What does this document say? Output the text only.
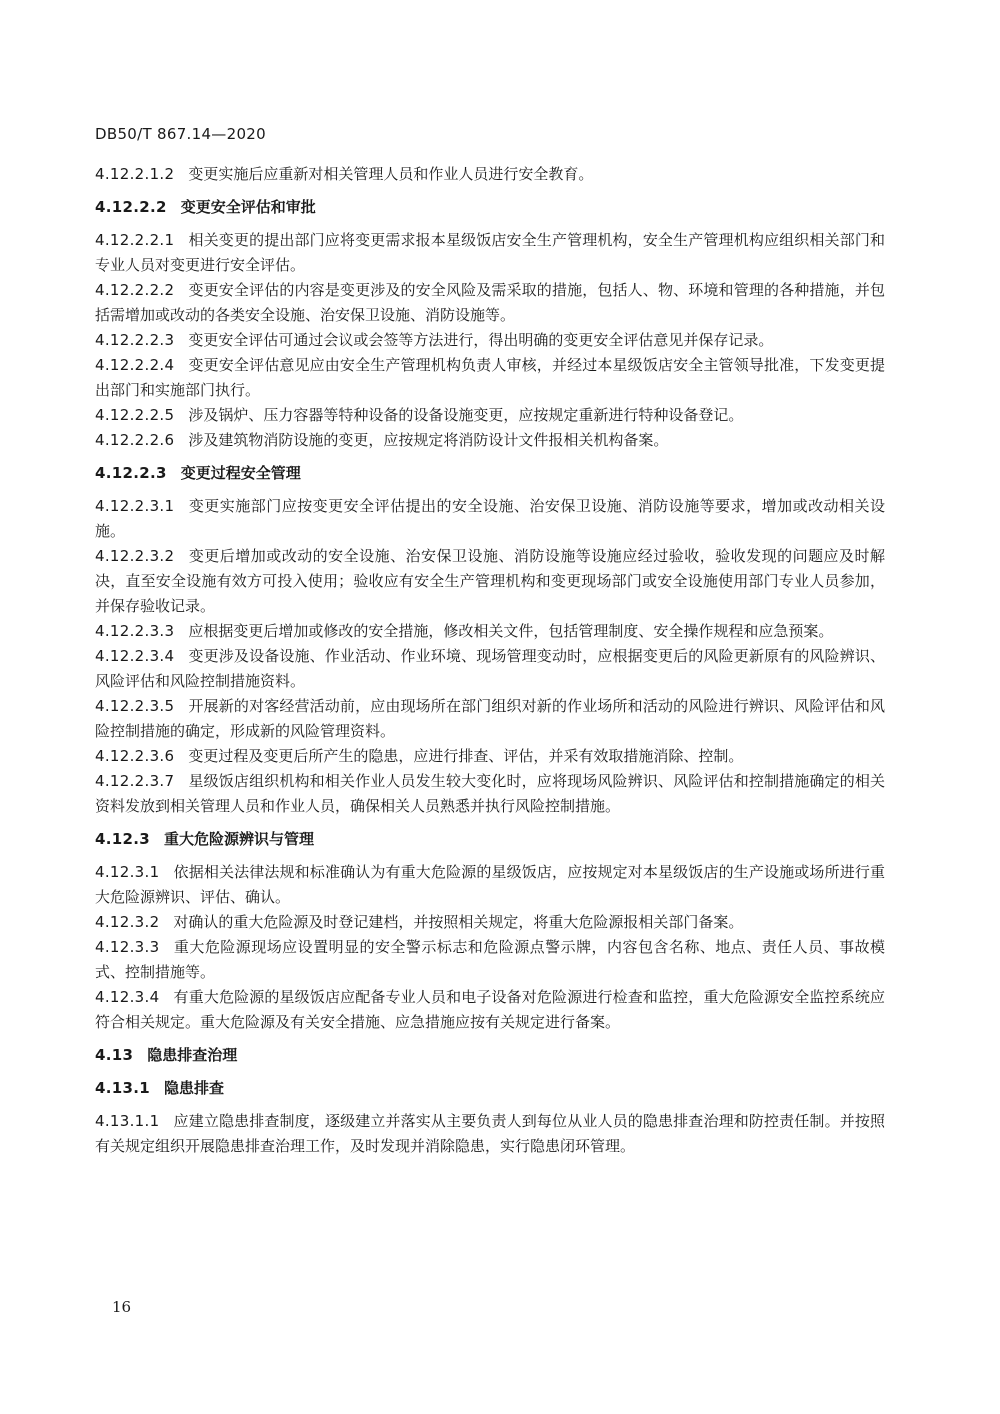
DB50/T 867.14—2020

4.12.2.1.2 变更实施后应重新对相关管理人员和作业人员进行安全教育。

4.12.2.2 变更安全评估和审批

4.12.2.2.1 相关变更的提出部门应将变更需求报本星级饭店安全生产管理机构，安全生产管理机构应组织相关部门和专业人员对变更进行安全评估。

4.12.2.2.2 变更安全评估的内容是变更涉及的安全风险及需采取的措施，包括人、物、环境和管理的各种措施，并包括需增加或改动的各类安全设施、治安保卫设施、消防设施等。

4.12.2.2.3 变更安全评估可通过会议或会签等方法进行，得出明确的变更安全评估意见并保存记录。

4.12.2.2.4 变更安全评估意见应由安全生产管理机构负责人审核，并经过本星级饭店安全主管领导批准，下发变更提出部门和实施部门执行。

4.12.2.2.5 涉及锅炉、压力容器等特种设备的设备设施变更，应按规定重新进行特种设备登记。

4.12.2.2.6 涉及建筑物消防设施的变更，应按规定将消防设计文件报相关机构备案。

4.12.2.3 变更过程安全管理

4.12.2.3.1 变更实施部门应按变更安全评估提出的安全设施、治安保卫设施、消防设施等要求，增加或改动相关设施。

4.12.2.3.2 变更后增加或改动的安全设施、治安保卫设施、消防设施等设施应经过验收，验收发现的问题应及时解决，直至安全设施有效方可投入使用；验收应有安全生产管理机构和变更现场部门或安全设施使用部门专业人员参加，并保存验收记录。

4.12.2.3.3 应根据变更后增加或修改的安全措施，修改相关文件，包括管理制度、安全操作规程和应急预案。

4.12.2.3.4 变更涉及设备设施、作业活动、作业环境、现场管理变动时，应根据变更后的风险更新原有的风险辨识、风险评估和风险控制措施资料。

4.12.2.3.5 开展新的对客经营活动前，应由现场所在部门组织对新的作业场所和活动的风险进行辨识、风险评估和风险控制措施的确定，形成新的风险管理资料。

4.12.2.3.6 变更过程及变更后所产生的隐患，应进行排查、评估，并采有效取措施消除、控制。

4.12.2.3.7 星级饭店组织机构和相关作业人员发生较大变化时，应将现场风险辨识、风险评估和控制措施确定的相关资料发放到相关管理人员和作业人员，确保相关人员熟悉并执行风险控制措施。

4.12.3 重大危险源辨识与管理

4.12.3.1 依据相关法律法规和标准确认为有重大危险源的星级饭店，应按规定对本星级饭店的生产设施或场所进行重大危险源辨识、评估、确认。

4.12.3.2 对确认的重大危险源及时登记建档，并按照相关规定，将重大危险源报相关部门备案。

4.12.3.3 重大危险源现场应设置明显的安全警示标志和危险源点警示牌，内容包含名称、地点、责任人员、事故模式、控制措施等。

4.12.3.4 有重大危险源的星级饭店应配备专业人员和电子设备对危险源进行检查和监控，重大危险源安全监控系统应符合相关规定。重大危险源及有关安全措施、应急措施应按有关规定进行备案。

4.13 隐患排查治理

4.13.1 隐患排查

4.13.1.1 应建立隐患排查制度，逐级建立并落实从主要负责人到每位从业人员的隐患排查治理和防控责任制。并按照有关规定组织开展隐患排查治理工作，及时发现并消除隐患，实行隐患闭环管理。

16
